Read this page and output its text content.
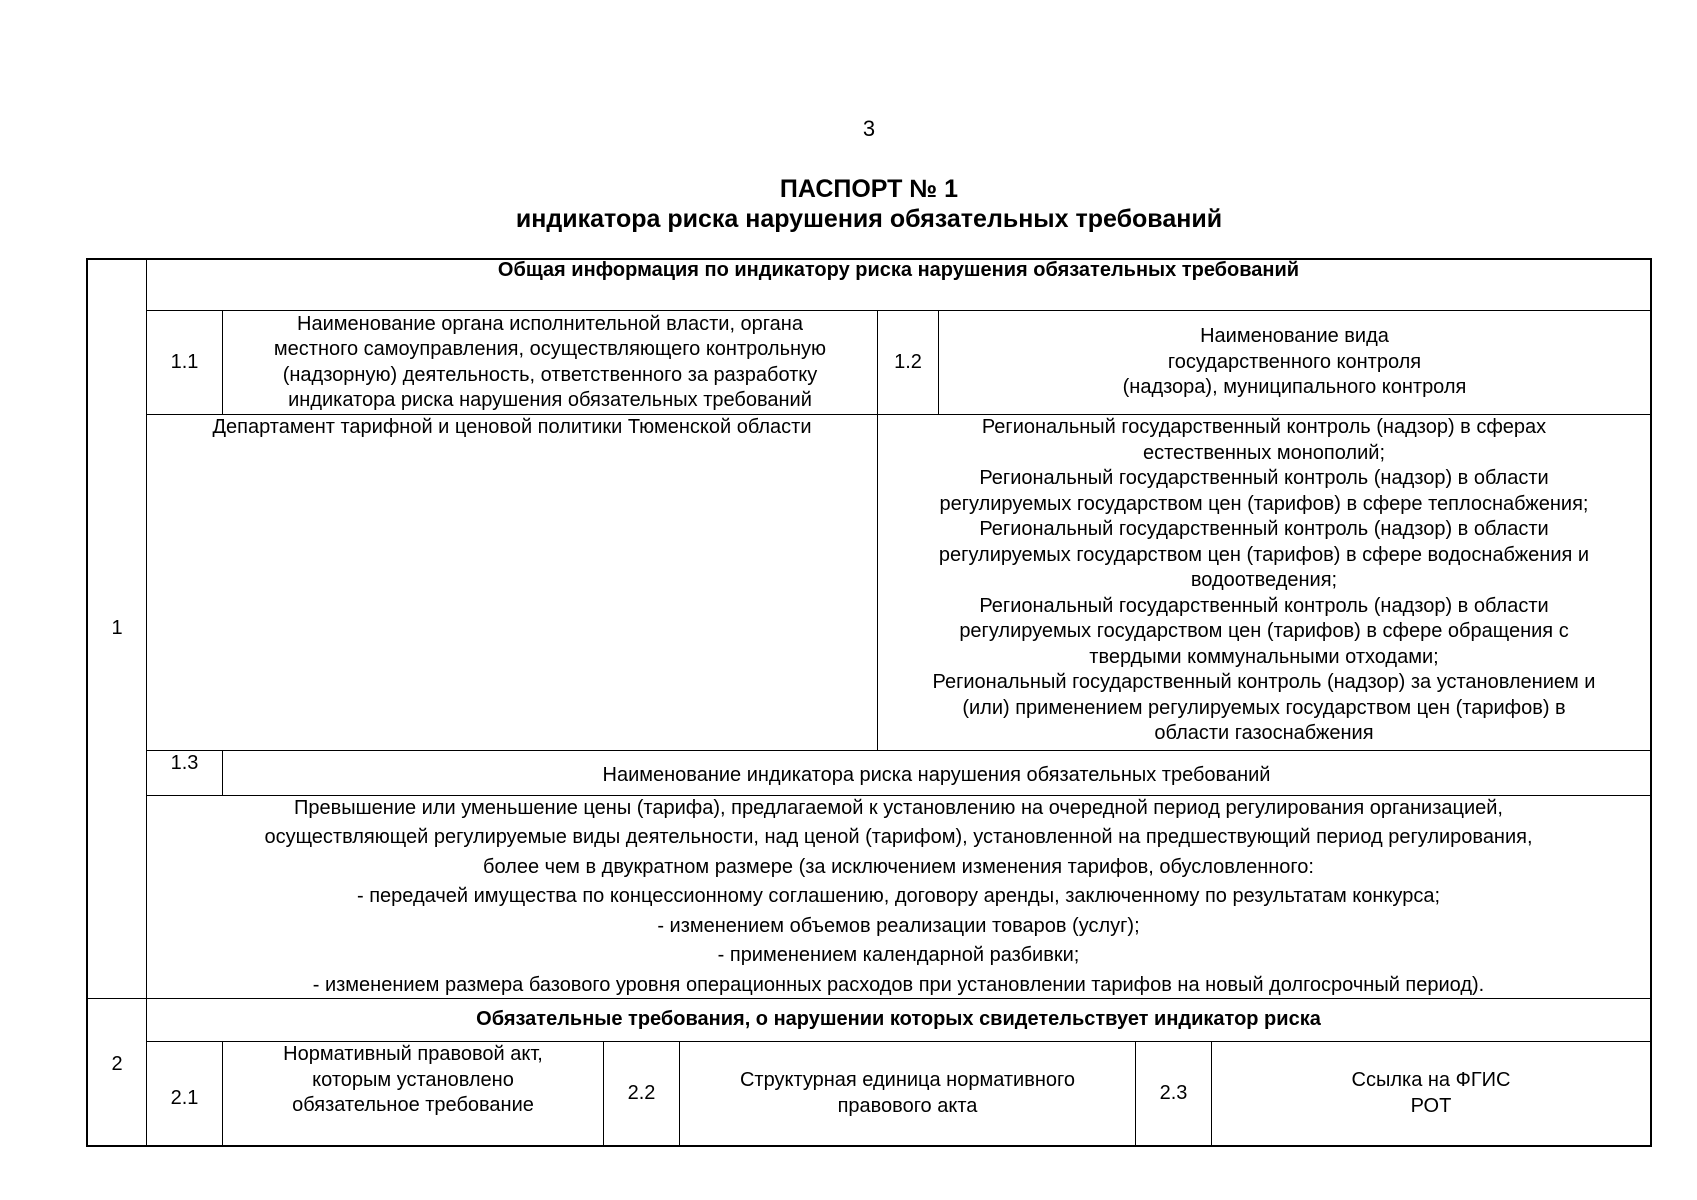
3
ПАСПОРТ № 1
индикатора риска нарушения обязательных требований
1
Общая информация по индикатору риска нарушения обязательных требований
1.1
Наименование органа исполнительной власти, органа
местного самоуправления, осуществляющего контрольную
(надзорную) деятельность, ответственного за разработку
индикатора риска нарушения обязательных требований
1.2
Наименование вида
государственного контроля
(надзора), муниципального контроля
Департамент тарифной и ценовой политики Тюменской области	Региональный государственный контроль (надзор) в сферах
естественных монополий;
Региональный государственный контроль (надзор) в области
регулируемых государством цен (тарифов) в сфере теплоснабжения;
Региональный государственный контроль (надзор) в области
регулируемых государством цен (тарифов) в сфере водоснабжения и
водоотведения;
Региональный государственный контроль (надзор) в области
регулируемых государством цен (тарифов) в сфере обращения с
твердыми коммунальными отходами;
Региональный государственный контроль (надзор) за установлением и
(или) применением регулируемых государством цен (тарифов) в
области газоснабжения
1.3
Наименование индикатора риска нарушения обязательных требований
Превышение или уменьшение цены (тарифа), предлагаемой к установлению на очередной период регулирования организацией,
осуществляющей регулируемые виды деятельности, над ценой (тарифом), установленной на предшествующий период регулирования,
более чем в двукратном размере (за исключением изменения тарифов, обусловленного:
- передачей имущества по концессионному соглашению, договору аренды, заключенному по результатам конкурса;
- изменением объемов реализации товаров (услуг);
- применением календарной разбивки;
- изменением размера базового уровня операционных расходов при установлении тарифов на новый долгосрочный период).
2
Обязательные требования, о нарушении которых свидетельствует индикатор риска
2.1
Нормативный правовой акт,
которым установлено
обязательное требование
2.2
Структурная единица нормативного
правового акта
2.3
Ссылка на ФГИС
РОТ
